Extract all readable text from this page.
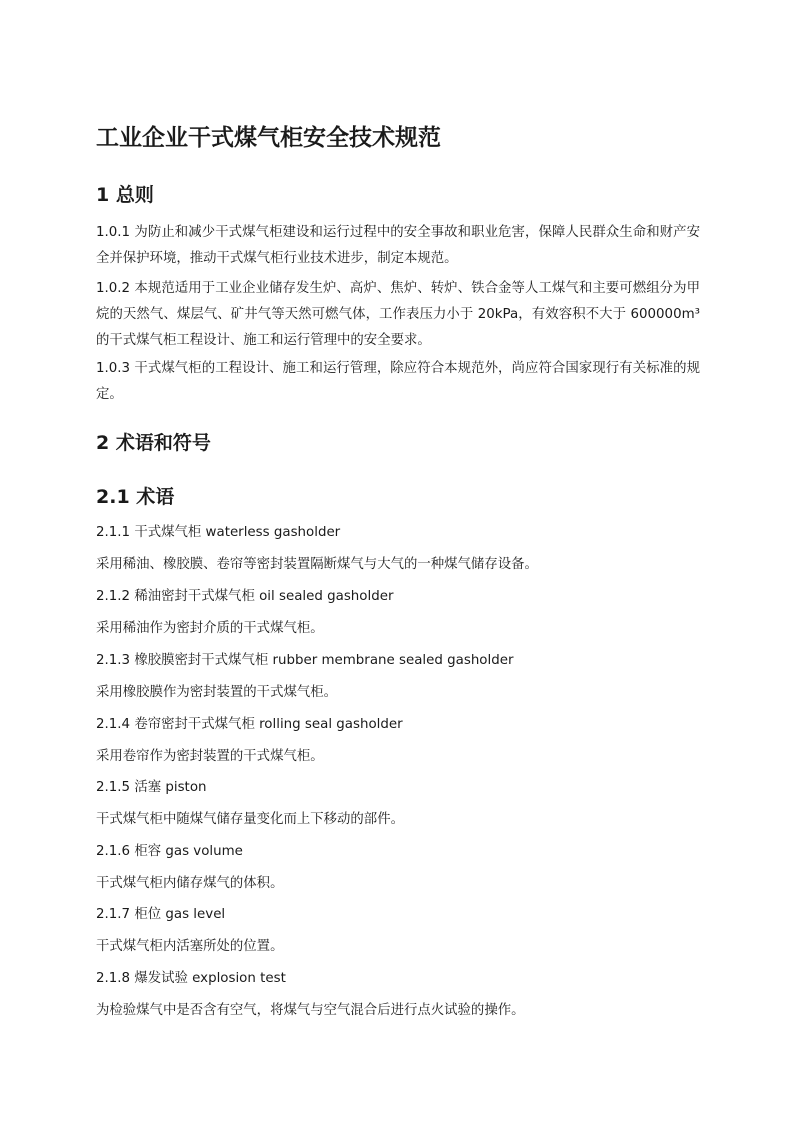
工业企业干式煤气柜安全技术规范
1 总则

1.0.1 为防止和减少干式煤气柜建设和运行过程中的安全事故和职业危害，保障人民群众生命和财产安全并保护环境，推动干式煤气柜行业技术进步，制定本规范。

1.0.2 本规范适用于工业企业储存发生炉、高炉、焦炉、转炉、铁合金等人工煤气和主要可燃组分为甲烷的天然气、煤层气、矿井气等天然可燃气体，工作表压力小于 20kPa，有效容积不大于 600000m³ 的干式煤气柜工程设计、施工和运行管理中的安全要求。

1.0.3 干式煤气柜的工程设计、施工和运行管理，除应符合本规范外，尚应符合国家现行有关标准的规定。

2 术语和符号
2.1 术语

2.1.1 干式煤气柜 waterless gasholder

采用稀油、橡胶膜、卷帘等密封装置隔断煤气与大气的一种煤气储存设备。

2.1.2 稀油密封干式煤气柜 oil sealed gasholder

采用稀油作为密封介质的干式煤气柜。

2.1.3 橡胶膜密封干式煤气柜 rubber membrane sealed gasholder

采用橡胶膜作为密封装置的干式煤气柜。

2.1.4 卷帘密封干式煤气柜 rolling seal gasholder

采用卷帘作为密封装置的干式煤气柜。

2.1.5 活塞 piston

干式煤气柜中随煤气储存量变化而上下移动的部件。

2.1.6 柜容 gas volume

干式煤气柜内储存煤气的体积。

2.1.7 柜位 gas level

干式煤气柜内活塞所处的位置。

2.1.8 爆发试验 explosion test

为检验煤气中是否含有空气，将煤气与空气混合后进行点火试验的操作。
